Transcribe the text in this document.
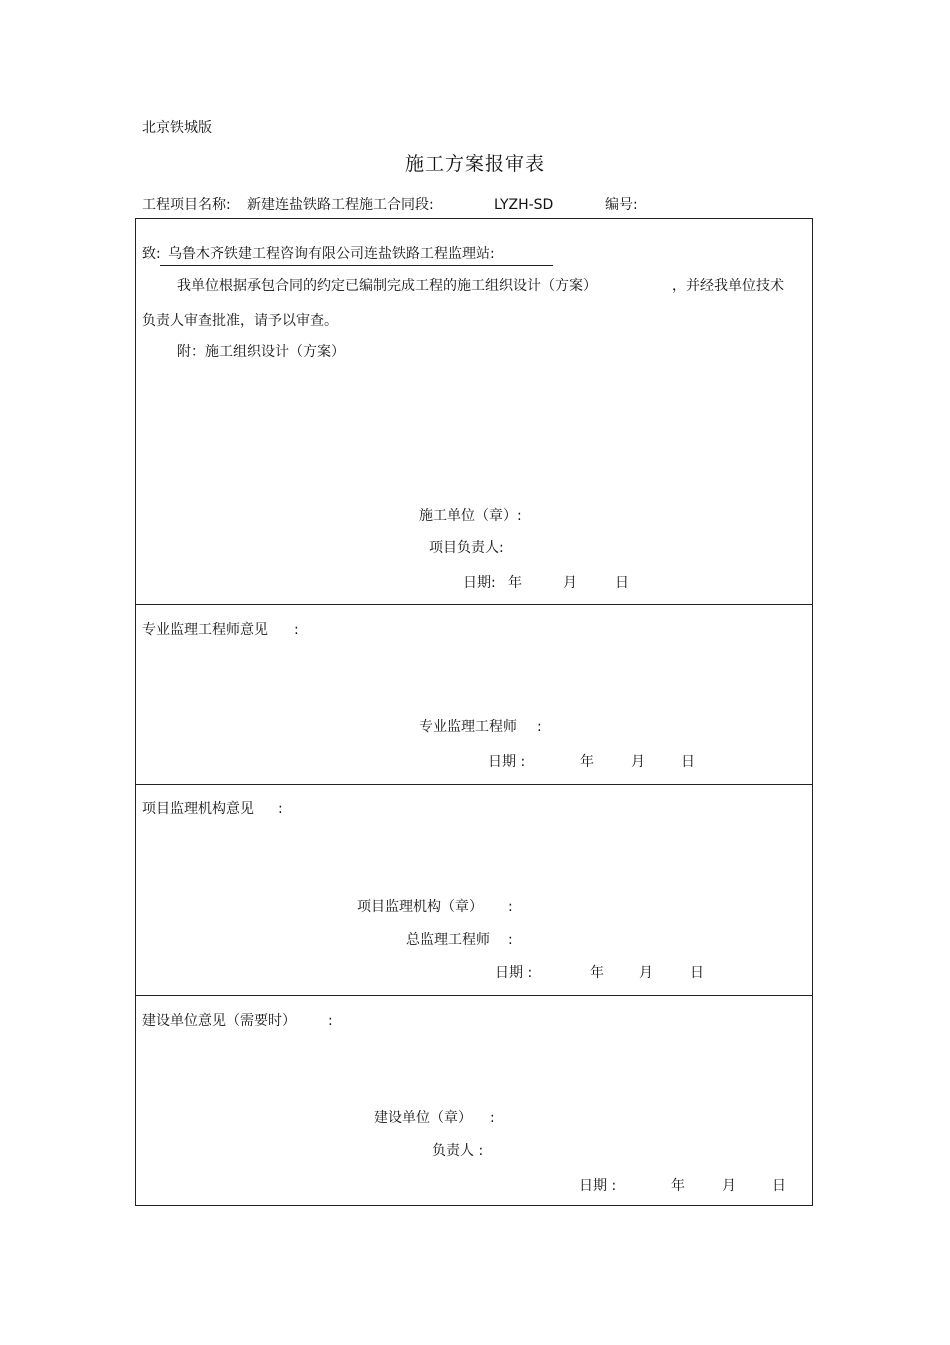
北京铁城版
施工方案报审表
工程项目名称: 新建连盐铁路工程施工合同段:	LYZH-SD	编号:
致: 乌鲁木齐铁建工程咨询有限公司连盐铁路工程监理站:
我单位根据承包合同的约定已编制完成工程的施工组织设计（方案）	，并经我单位技术
负责人审查批准，请予以审查。
附：施工组织设计（方案）
施工单位（章）:
项目负责人:
日期: 年	月	日
专业监理工程师意见 :
专业监理工程师 :
日期 :	年	月	日
项目监理机构意见 :
项目监理机构（章） :
总监理工程师 :
日期 :	年	月	日
建设单位意见（需要时） :
建设单位（章） :
负责人 :
日期 :	年	月	日
